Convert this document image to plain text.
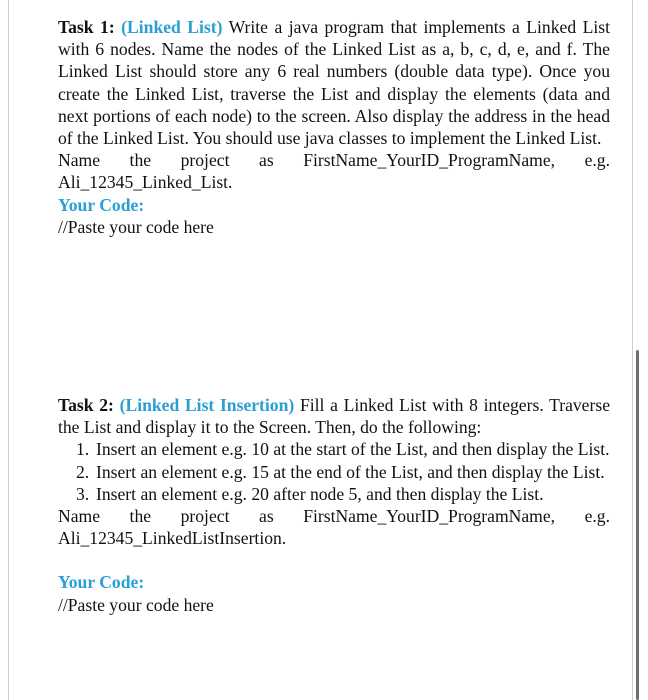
Task 1: (Linked List) Write a java program that implements a Linked List with 6 nodes. Name the nodes of the Linked List as a, b, c, d, e, and f. The Linked List should store any 6 real numbers (double data type). Once you create the Linked List, traverse the List and display the elements (data and next portions of each node) to the screen. Also display the address in the head of the Linked List. You should use java classes to implement the Linked List.

Name the project as FirstName_YourID_ProgramName, e.g.

Ali_12345_Linked_List.

Your Code:

//Paste your code here

Task 2: (Linked List Insertion) Fill a Linked List with 8 integers. Traverse the List and display it to the Screen. Then, do the following:

1. Insert an element e.g. 10 at the start of the List, and then display the List.
2. Insert an element e.g. 15 at the end of the List, and then display the List.
3. Insert an element e.g. 20 after node 5, and then display the List.

Name the project as FirstName_YourID_ProgramName, e.g.

Ali_12345_LinkedListInsertion.

Your Code:

//Paste your code here
